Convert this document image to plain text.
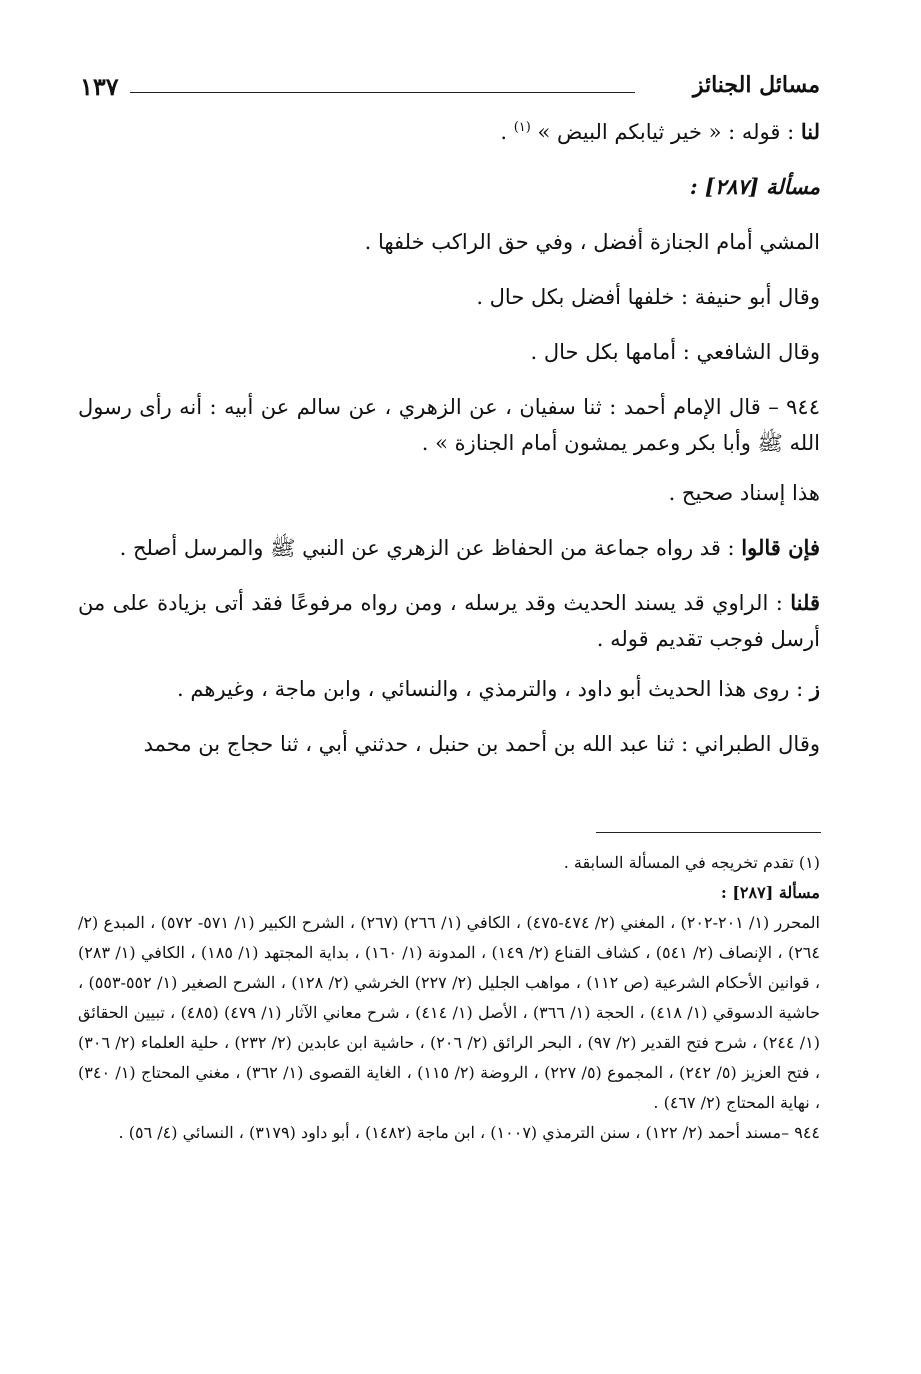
مسائل الجنائز
١٣٧

لنا : قوله : « خير ثيابكم البيض » $^{(١)}$ .

مسألة [٢٨٧] :

المشي أمام الجنازة أفضل ، وفي حق الراكب خلفها .

وقال أبو حنيفة : خلفها أفضل بكل حال .

وقال الشافعي : أمامها بكل حال .

٩٤٤ – قال الإمام أحمد : ثنا سفيان ، عن الزهري ، عن سالم عن أبيه : أنه رأى رسول الله ﷺ وأبا بكر وعمر يمشون أمام الجنازة » .

هذا إسناد صحيح .

فإن قالوا : قد رواه جماعة من الحفاظ عن الزهري عن النبي ﷺ والمرسل أصلح .

قلنا : الراوي قد يسند الحديث وقد يرسله ، ومن رواه مرفوعًا فقد أتى بزيادة على من أرسل فوجب تقديم قوله .

ز : روى هذا الحديث أبو داود ، والترمذي ، والنسائي ، وابن ماجة ، وغيرهم .

وقال الطبراني : ثنا عبد الله بن أحمد بن حنبل ، حدثني أبي ، ثنا حجاج بن محمد

(١) تقدم تخريجه في المسألة السابقة .

مسألة [٢٨٧] :

المحرر (١/ ٢٠١-٢٠٢) ، المغني (٢/ ٤٧٤-٤٧٥) ، الكافي (١/ ٢٦٦) (٢٦٧) ، الشرح الكبير (١/ ٥٧١- ٥٧٢) ، المبدع (٢/ ٢٦٤) ، الإنصاف (٢/ ٥٤١) ، كشاف القناع (٢/ ١٤٩) ، المدونة (١/ ١٦٠) ، بداية المجتهد (١/ ١٨٥) ، الكافي (١/ ٢٨٣) ، قوانين الأحكام الشرعية (ص ١١٢) ، مواهب الجليل (٢/ ٢٢٧) الخرشي (٢/ ١٢٨) ، الشرح الصغير (١/ ٥٥٢-٥٥٣) ، حاشية الدسوقي (١/ ٤١٨) ، الحجة (١/ ٣٦٦) ، الأصل (١/ ٤١٤) ، شرح معاني الآثار (١/ ٤٧٩) (٤٨٥) ، تبيين الحقائق (١/ ٢٤٤) ، شرح فتح القدير (٢/ ٩٧) ، البحر الرائق (٢/ ٢٠٦) ، حاشية ابن عابدين (٢/ ٢٣٢) ، حلية العلماء (٢/ ٣٠٦) ، فتح العزيز (٥/ ٢٤٢) ، المجموع (٥/ ٢٢٧) ، الروضة (٢/ ١١٥) ، الغاية القصوى (١/ ٣٦٢) ، مغني المحتاج (١/ ٣٤٠) ، نهاية المحتاج (٢/ ٤٦٧) .

٩٤٤ –مسند أحمد (٢/ ١٢٢) ، سنن الترمذي (١٠٠٧) ، ابن ماجة (١٤٨٢) ، أبو داود (٣١٧٩) ، النسائي (٤/ ٥٦) .
